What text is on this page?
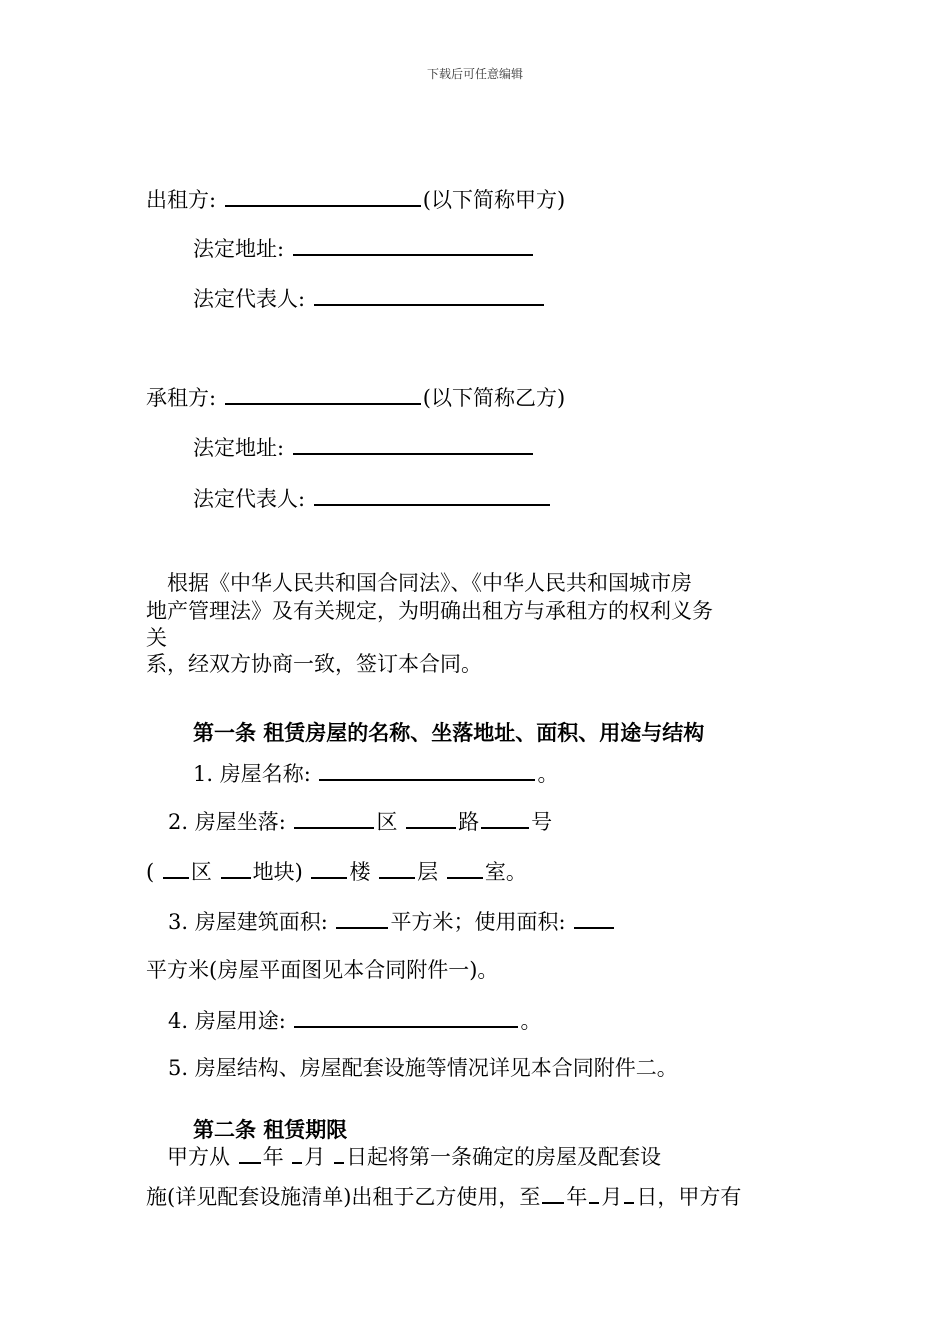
下载后可任意编辑
出租方:	(以下简称甲方)
法定地址:
法定代表人:
承租方:	(以下简称乙方)
法定地址:
法定代表人:
　根据《中华人民共和国合同法》、《中华人民共和国城市房
地产管理法》及有关规定，为明确出租方与承租方的权利义务
关
系，经双方协商一致，签订本合同。
第一条 租赁房屋的名称、坐落地址、面积、用途与结构
1. 房屋名称:	。
2. 房屋坐落:	区	路 号
( 区 地块) 楼 层 室。
3. 房屋建筑面积:	平方米；使用面积:
平方米(房屋平面图见本合同附件一)。
4. 房屋用途:	。
5. 房屋结构、房屋配套设施等情况详见本合同附件二。
第二条 租赁期限
　甲方从 年 月 日起将第一条确定的房屋及配套设
施(详见配套设施清单)出租于乙方使用，至 年 月 日，甲方有
